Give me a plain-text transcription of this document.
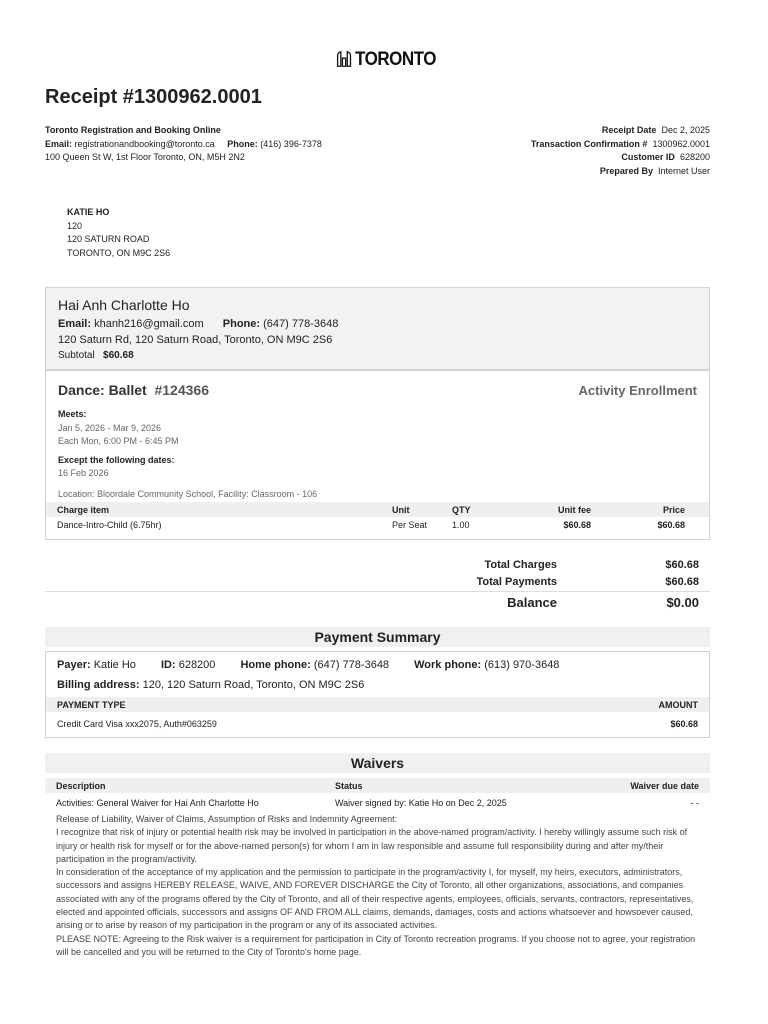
TORONTO
Receipt #1300962.0001
Toronto Registration and Booking Online
Email: registrationandbooking@toronto.ca Phone: (416) 396-7378
100 Queen St W, 1st Floor Toronto, ON, M5H 2N2
Receipt Date Dec 2, 2025
Transaction Confirmation # 1300962.0001
Customer ID 628200
Prepared By Internet User
KATIE HO
120
120 SATURN ROAD
TORONTO, ON M9C 2S6
Hai Anh Charlotte Ho
Email: khanh216@gmail.com Phone: (647) 778-3648
120 Saturn Rd, 120 Saturn Road, Toronto, ON M9C 2S6
Subtotal $60.68
Dance: Ballet #124366	Activity Enrollment
Meets:
Jan 5, 2026 - Mar 9, 2026
Each Mon, 6:00 PM - 6:45 PM
Except the following dates:
16 Feb 2026
Location: Bloordale Community School, Facility: Classroom - 106
Charge item	Unit	QTY	Unit fee	Price
Dance-Intro-Child (6.75hr)	Per Seat	1.00	$60.68	$60.68
Total Charges	$60.68
Total Payments	$60.68
Balance	$0.00
Payment Summary
Payer: Katie Ho ID: 628200 Home phone: (647) 778-3648 Work phone: (613) 970-3648
Billing address: 120, 120 Saturn Road, Toronto, ON M9C 2S6
PAYMENT TYPE	AMOUNT
Credit Card Visa xxx2075, Auth#063259	$60.68
Waivers
Description	Status	Waiver due date
Activities: General Waiver for Hai Anh Charlotte Ho	Waiver signed by: Katie Ho on Dec 2, 2025	- -
Release of Liability, Waiver of Claims, Assumption of Risks and Indemnity Agreement:
I recognize that risk of injury or potential health risk may be involved in participation in the above-named program/activity. I hereby willingly assume such risk of injury or health risk for myself or for the above-named person(s) for whom I am in law responsible and assume full responsibility during and after my/their participation in the program/activity.
In consideration of the acceptance of my application and the permission to participate in the program/activity I, for myself, my heirs, executors, administrators, successors and assigns HEREBY RELEASE, WAIVE, AND FOREVER DISCHARGE the City of Toronto, all other organizations, associations, and companies associated with any of the programs offered by the City of Toronto, and all of their respective agents, employees, officials, servants, contractors, representatives, elected and appointed officials, successors and assigns OF AND FROM ALL claims, demands, damages, costs and actions whatsoever and howsoever caused, arising or to arise by reason of my participation in the program or any of its associated activities.
PLEASE NOTE: Agreeing to the Risk waiver is a requirement for participation in City of Toronto recreation programs. If you choose not to agree, your registration will be cancelled and you will be returned to the City of Toronto's home page.
